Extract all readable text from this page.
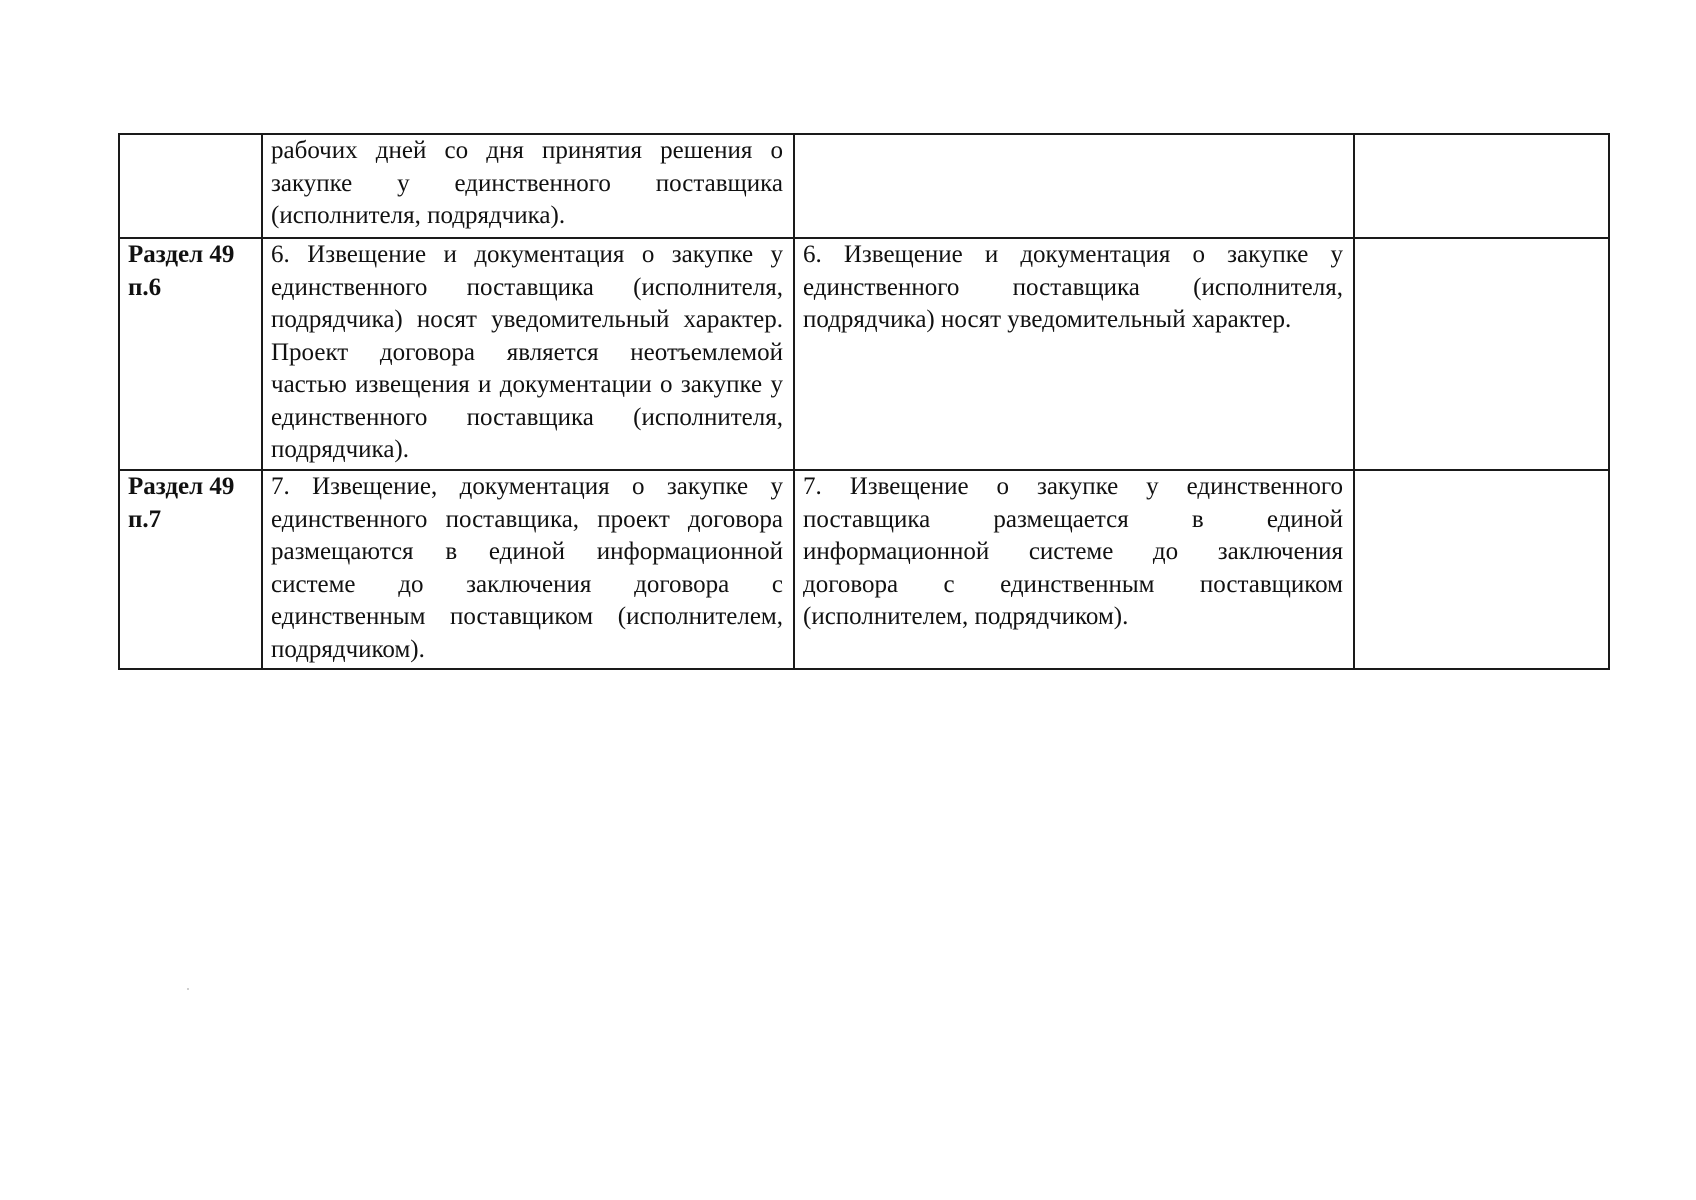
	рабочих дней со дня принятия решения о закупке у единственного поставщика (исполнителя, подрядчика).		

Раздел 49
п.6	6. Извещение и документация о закупке у единственного поставщика (исполнителя, подрядчика) носят уведомительный характер. Проект договора является неотъемлемой частью извещения и документации о закупке у единственного поставщика (исполнителя, подрядчика).	6. Извещение и документация о закупке у единственного поставщика (исполнителя, подрядчика) носят уведомительный характер.	

Раздел 49
п.7	7. Извещение, документация о закупке у единственного поставщика, проект договора размещаются в единой информационной системе до заключения договора с единственным поставщиком (исполнителем, подрядчиком).	7. Извещение о закупке у единственного поставщика размещается в единой информационной системе до заключения договора с единственным поставщиком (исполнителем, подрядчиком).	
